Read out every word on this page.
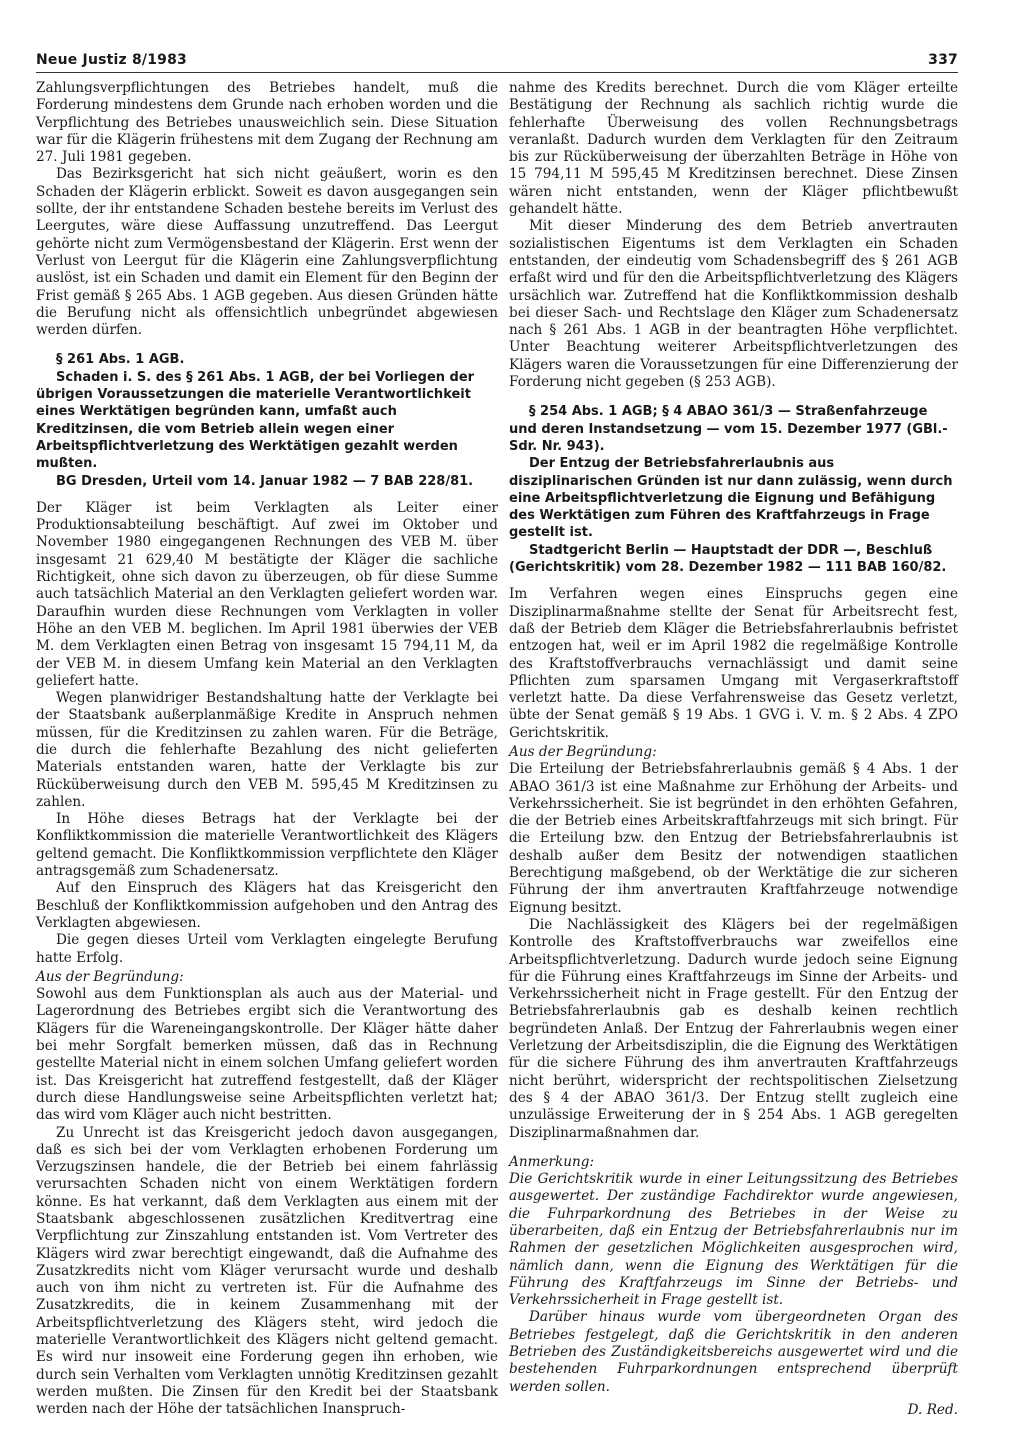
Neue Justiz 8/1983	337

Zahlungsverpflichtungen des Betriebes handelt, muß die Forderung mindestens dem Grunde nach erhoben worden und die Verpflichtung des Betriebes unausweichlich sein. Diese Situation war für die Klägerin frühestens mit dem Zugang der Rechnung am 27. Juli 1981 gegeben.

Das Bezirksgericht hat sich nicht geäußert, worin es den Schaden der Klägerin erblickt. Soweit es davon ausgegangen sein sollte, der ihr entstandene Schaden bestehe bereits im Verlust des Leergutes, wäre diese Auffassung unzutreffend. Das Leergut gehörte nicht zum Vermögensbestand der Klägerin. Erst wenn der Verlust von Leergut für die Klägerin eine Zahlungsverpflichtung auslöst, ist ein Schaden und damit ein Element für den Beginn der Frist gemäß § 265 Abs. 1 AGB gegeben. Aus diesen Gründen hätte die Berufung nicht als offensichtlich unbegründet abgewiesen werden dürfen.

§ 261 Abs. 1 AGB.

Schaden i. S. des § 261 Abs. 1 AGB, der bei Vorliegen der übrigen Voraussetzungen die materielle Verantwortlichkeit eines Werktätigen begründen kann, umfaßt auch Kreditzinsen, die vom Betrieb allein wegen einer Arbeitspflichtverletzung des Werktätigen gezahlt werden mußten.

BG Dresden, Urteil vom 14. Januar 1982 — 7 BAB 228/81.

Der Kläger ist beim Verklagten als Leiter einer Produktionsabteilung beschäftigt. Auf zwei im Oktober und November 1980 eingegangenen Rechnungen des VEB M. über insgesamt 21 629,40 M bestätigte der Kläger die sachliche Richtigkeit, ohne sich davon zu überzeugen, ob für diese Summe auch tatsächlich Material an den Verklagten geliefert worden war. Daraufhin wurden diese Rechnungen vom Verklagten in voller Höhe an den VEB M. beglichen. Im April 1981 überwies der VEB M. dem Verklagten einen Betrag von insgesamt 15 794,11 M, da der VEB M. in diesem Umfang kein Material an den Verklagten geliefert hatte.

Wegen planwidriger Bestandshaltung hatte der Verklagte bei der Staatsbank außerplanmäßige Kredite in Anspruch nehmen müssen, für die Kreditzinsen zu zahlen waren. Für die Beträge, die durch die fehlerhafte Bezahlung des nicht gelieferten Materials entstanden waren, hatte der Verklagte bis zur Rücküberweisung durch den VEB M. 595,45 M Kreditzinsen zu zahlen.

In Höhe dieses Betrags hat der Verklagte bei der Konfliktkommission die materielle Verantwortlichkeit des Klägers geltend gemacht. Die Konfliktkommission verpflichtete den Kläger antragsgemäß zum Schadenersatz.

Auf den Einspruch des Klägers hat das Kreisgericht den Beschluß der Konfliktkommission aufgehoben und den Antrag des Verklagten abgewiesen.

Die gegen dieses Urteil vom Verklagten eingelegte Berufung hatte Erfolg.

Aus der Begründung:

Sowohl aus dem Funktionsplan als auch aus der Material- und Lagerordnung des Betriebes ergibt sich die Verantwortung des Klägers für die Wareneingangskontrolle. Der Kläger hätte daher bei mehr Sorgfalt bemerken müssen, daß das in Rechnung gestellte Material nicht in einem solchen Umfang geliefert worden ist. Das Kreisgericht hat zutreffend festgestellt, daß der Kläger durch diese Handlungsweise seine Arbeitspflichten verletzt hat; das wird vom Kläger auch nicht bestritten.

Zu Unrecht ist das Kreisgericht jedoch davon ausgegangen, daß es sich bei der vom Verklagten erhobenen Forderung um Verzugszinsen handele, die der Betrieb bei einem fahrlässig verursachten Schaden nicht von einem Werktätigen fordern könne. Es hat verkannt, daß dem Verklagten aus einem mit der Staatsbank abgeschlossenen zusätzlichen Kreditvertrag eine Verpflichtung zur Zinszahlung entstanden ist. Vom Vertreter des Klägers wird zwar berechtigt eingewandt, daß die Aufnahme des Zusatzkredits nicht vom Kläger verursacht wurde und deshalb auch von ihm nicht zu vertreten ist. Für die Aufnahme des Zusatzkredits, die in keinem Zusammenhang mit der Arbeitspflichtverletzung des Klägers steht, wird jedoch die materielle Verantwortlichkeit des Klägers nicht geltend gemacht. Es wird nur insoweit eine Forderung gegen ihn erhoben, wie durch sein Verhalten vom Verklagten unnötig Kreditzinsen gezahlt werden mußten. Die Zinsen für den Kredit bei der Staatsbank werden nach der Höhe der tatsächlichen Inanspruch-

nahme des Kredits berechnet. Durch die vom Kläger erteilte Bestätigung der Rechnung als sachlich richtig wurde die fehlerhafte Überweisung des vollen Rechnungsbetrags veranlaßt. Dadurch wurden dem Verklagten für den Zeitraum bis zur Rücküberweisung der überzahlten Beträge in Höhe von 15 794,11 M 595,45 M Kreditzinsen berechnet. Diese Zinsen wären nicht entstanden, wenn der Kläger pflichtbewußt gehandelt hätte.

Mit dieser Minderung des dem Betrieb anvertrauten sozialistischen Eigentums ist dem Verklagten ein Schaden entstanden, der eindeutig vom Schadensbegriff des § 261 AGB erfaßt wird und für den die Arbeitspflichtverletzung des Klägers ursächlich war. Zutreffend hat die Konfliktkommission deshalb bei dieser Sach- und Rechtslage den Kläger zum Schadenersatz nach § 261 Abs. 1 AGB in der beantragten Höhe verpflichtet. Unter Beachtung weiterer Arbeitspflichtverletzungen des Klägers waren die Voraussetzungen für eine Differenzierung der Forderung nicht gegeben (§ 253 AGB).

§ 254 Abs. 1 AGB; § 4 ABAO 361/3 — Straßenfahrzeuge und deren Instandsetzung — vom 15. Dezember 1977 (GBl.-Sdr. Nr. 943).

Der Entzug der Betriebsfahrerlaubnis aus disziplinarischen Gründen ist nur dann zulässig, wenn durch eine Arbeitspflichtverletzung die Eignung und Befähigung des Werktätigen zum Führen des Kraftfahrzeugs in Frage gestellt ist.

Stadtgericht Berlin — Hauptstadt der DDR —, Beschluß (Gerichtskritik) vom 28. Dezember 1982 — 111 BAB 160/82.

Im Verfahren wegen eines Einspruchs gegen eine Disziplinarmaßnahme stellte der Senat für Arbeitsrecht fest, daß der Betrieb dem Kläger die Betriebsfahrerlaubnis befristet entzogen hat, weil er im April 1982 die regelmäßige Kontrolle des Kraftstoffverbrauchs vernachlässigt und damit seine Pflichten zum sparsamen Umgang mit Vergaserkraftstoff verletzt hatte. Da diese Verfahrensweise das Gesetz verletzt, übte der Senat gemäß § 19 Abs. 1 GVG i. V. m. § 2 Abs. 4 ZPO Gerichtskritik.

Aus der Begründung:

Die Erteilung der Betriebsfahrerlaubnis gemäß § 4 Abs. 1 der ABAO 361/3 ist eine Maßnahme zur Erhöhung der Arbeits- und Verkehrssicherheit. Sie ist begründet in den erhöhten Gefahren, die der Betrieb eines Arbeitskraftfahrzeugs mit sich bringt. Für die Erteilung bzw. den Entzug der Betriebsfahrerlaubnis ist deshalb außer dem Besitz der notwendigen staatlichen Berechtigung maßgebend, ob der Werktätige die zur sicheren Führung der ihm anvertrauten Kraftfahrzeuge notwendige Eignung besitzt.

Die Nachlässigkeit des Klägers bei der regelmäßigen Kontrolle des Kraftstoffverbrauchs war zweifellos eine Arbeitspflichtverletzung. Dadurch wurde jedoch seine Eignung für die Führung eines Kraftfahrzeugs im Sinne der Arbeits- und Verkehrssicherheit nicht in Frage gestellt. Für den Entzug der Betriebsfahrerlaubnis gab es deshalb keinen rechtlich begründeten Anlaß. Der Entzug der Fahrerlaubnis wegen einer Verletzung der Arbeitsdisziplin, die die Eignung des Werktätigen für die sichere Führung des ihm anvertrauten Kraftfahrzeugs nicht berührt, widerspricht der rechtspolitischen Zielsetzung des § 4 der ABAO 361/3. Der Entzug stellt zugleich eine unzulässige Erweiterung der in § 254 Abs. 1 AGB geregelten Disziplinarmaßnahmen dar.

Anmerkung:

Die Gerichtskritik wurde in einer Leitungssitzung des Betriebes ausgewertet. Der zuständige Fachdirektor wurde angewiesen, die Fuhrparkordnung des Betriebes in der Weise zu überarbeiten, daß ein Entzug der Betriebsfahrerlaubnis nur im Rahmen der gesetzlichen Möglichkeiten ausgesprochen wird, nämlich dann, wenn die Eignung des Werktätigen für die Führung des Kraftfahrzeugs im Sinne der Betriebs- und Verkehrssicherheit in Frage gestellt ist.

Darüber hinaus wurde vom übergeordneten Organ des Betriebes festgelegt, daß die Gerichtskritik in den anderen Betrieben des Zuständigkeitsbereichs ausgewertet wird und die bestehenden Fuhrparkordnungen entsprechend überprüft werden sollen.

D. Red.
